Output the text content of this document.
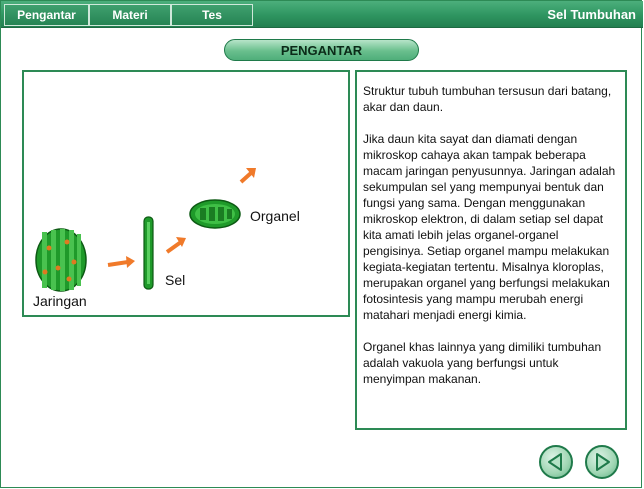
Pengantar	Materi	Tes	Sel Tumbuhan
PENGANTAR
Jaringan
Sel
Organel

Struktur tubuh tumbuhan tersusun dari batang, akar dan daun.

Jika daun kita sayat dan diamati dengan mikroskop cahaya akan tampak beberapa macam jaringan penyusunnya. Jaringan adalah sekumpulan sel yang mempunyai bentuk dan fungsi yang sama. Dengan menggunakan mikroskop elektron, di dalam setiap sel dapat kita amati lebih jelas organel-organel pengisinya. Setiap organel mampu melakukan kegiata-kegiatan tertentu. Misalnya kloroplas, merupakan organel yang berfungsi melakukan fotosintesis yang mampu merubah energi matahari menjadi energi kimia.

Organel khas lainnya yang dimiliki tumbuhan adalah vakuola yang berfungsi untuk menyimpan makanan.
